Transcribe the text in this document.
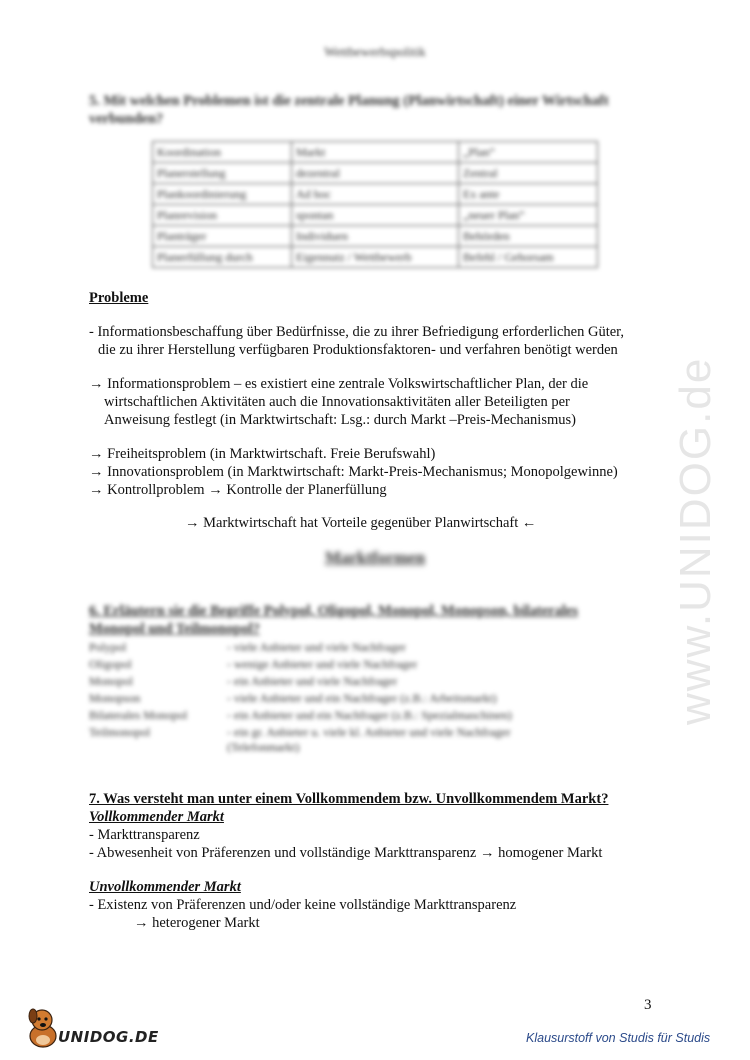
Wettbewerbspolitik
5. Mit welchen Problemen ist die zentrale Planung (Planwirtschaft) einer Wirtschaft
verbunden?
Koordination	Markt	„Plan“
Planerstellung	dezentral	Zentral
Plankoordinierung	Ad hoc	Ex ante
Planrevision	spontan	„neuer Plan“
Planträger	Individuen	Behörden
Planerfüllung durch	Eigennutz / Wettbewerb	Befehl / Gehorsam
Probleme
- Informationsbeschaffung über Bedürfnisse, die zu ihrer Befriedigung erforderlichen Güter,
die zu ihrer Herstellung verfügbaren Produktionsfaktoren- und verfahren benötigt werden
→ Informationsproblem – es existiert eine zentrale Volkswirtschaftlicher Plan, der die
wirtschaftlichen Aktivitäten auch die Innovationsaktivitäten aller Beteiligten per
Anweisung festlegt (in Marktwirtschaft: Lsg.: durch Markt –Preis-Mechanismus)
→ Freiheitsproblem (in Marktwirtschaft. Freie Berufswahl)
→ Innovationsproblem (in Marktwirtschaft: Markt-Preis-Mechanismus; Monopolgewinne)
→ Kontrollproblem → Kontrolle der Planerfüllung
→ Marktwirtschaft hat Vorteile gegenüber Planwirtschaft ←
Marktformen
6. Erläutern sie die Begriffe Polypol, Oligopol, Monopol, Monopson, bilaterales
Monopol und Teilmonopol?
Polypol	- viele Anbieter und viele Nachfrager
Oligopol	- wenige Anbieter und viele Nachfrager
Monopol	- ein Anbieter und viele Nachfrager
Monopson	- viele Anbieter und ein Nachfrager (z.B.: Arbeitsmarkt)
Bilaterales Monopol	- ein Anbieter und ein Nachfrager (z.B.: Spezialmaschinen)
Teilmonopol	- ein gr. Anbieter u. viele kl. Anbieter und viele Nachfrager
(Telefonmarkt)
7. Was versteht man unter einem Vollkommendem bzw. Unvollkommendem Markt?
Vollkommender Markt
- Markttransparenz
- Abwesenheit von Präferenzen und vollständige Markttransparenz → homogener Markt
Unvollkommender Markt
- Existenz von Präferenzen und/oder keine vollständige Markttransparenz
→ heterogener Markt
3
www.UNIDOG.de
UNIDOG.DE	Klausurstoff von Studis für Studis
